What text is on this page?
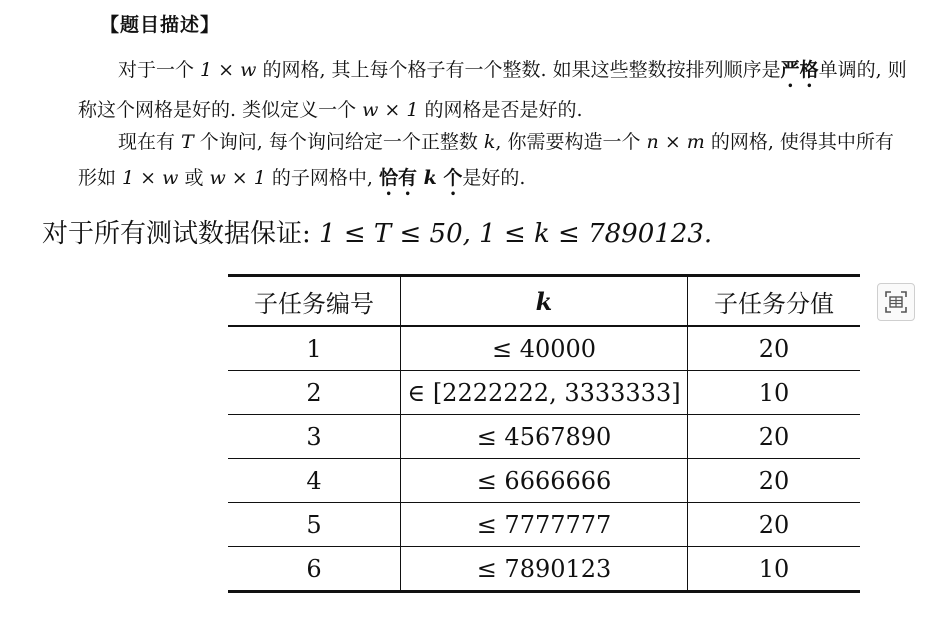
【题目描述】

对于一个 1 × w 的网格, 其上每个格子有一个整数. 如果这些整数按排列顺序是严格单调的, 则称这个网格是好的. 类似定义一个 w × 1 的网格是否是好的.

现在有 T 个询问, 每个询问给定一个正整数 k, 你需要构造一个 n × m 的网格, 使得其中所有形如 1 × w 或 w × 1 的子网格中, 恰有 k 个是好的.

对于所有测试数据保证: 1 ≤ T ≤ 50, 1 ≤ k ≤ 7890123.
子任务编号	k	子任务分值
1	≤ 40000	20
2	∈ [2222222, 3333333]	10
3	≤ 4567890	20
4	≤ 6666666	20
5	≤ 7777777	20
6	≤ 7890123	10
